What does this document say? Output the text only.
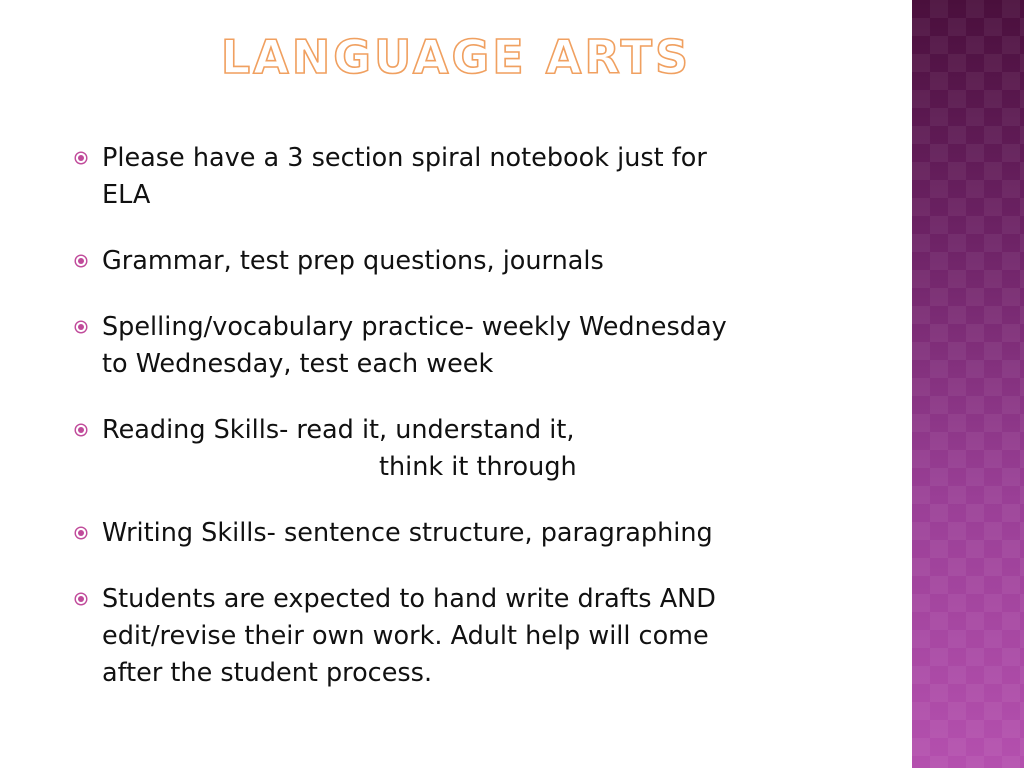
LANGUAGE ARTS
Please have a 3 section spiral notebook just for
ELA
Grammar, test prep questions, journals
Spelling/vocabulary practice- weekly Wednesday
to Wednesday, test each week
Reading Skills- read it, understand it,
think it through
Writing Skills- sentence structure, paragraphing
Students are expected to hand write drafts AND
edit/revise their own work. Adult help will come
after the student process.
